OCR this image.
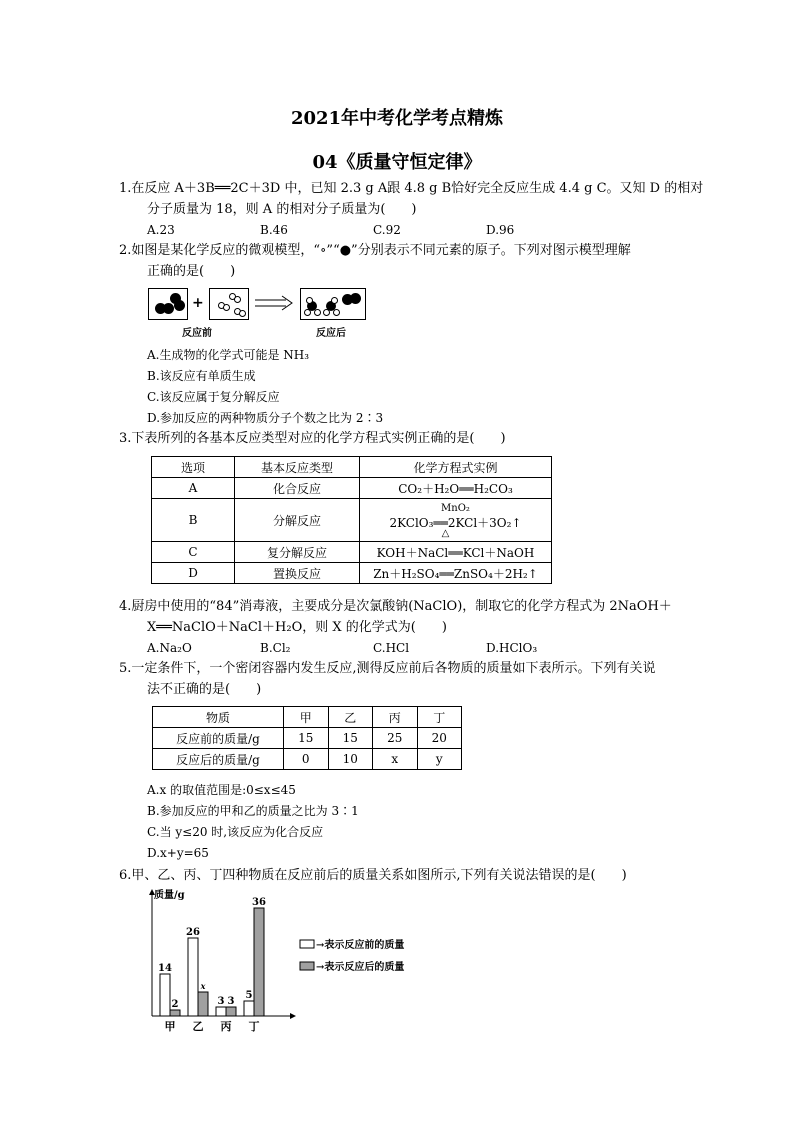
2021年中考化学考点精炼
04《质量守恒定律》
1.在反应 A＋3B══2C＋3D 中，已知 2.3 g A跟 4.8 g B恰好完全反应生成 4.4 g C。又知 D 的相对
分子质量为 18，则 A 的相对分子质量为(　　)
A.23	B.46	C.92	D.96
2.如图是某化学反应的微观模型，“∘”“●”分别表示不同元素的原子。下列对图示模型理解
正确的是(　　)
+
反应前	反应后
A.生成物的化学式可能是 NH₃
B.该反应有单质生成
C.该反应属于复分解反应
D.参加反应的两种物质分子个数之比为 2∶3
3.下表所列的各基本反应类型对应的化学方程式实例正确的是(　　)
选项	基本反应类型	化学方程式实例
A	化合反应	CO₂＋H₂O══H₂CO₃
B	分解反应	MnO₂
2KClO₃══2KCl＋3O₂↑
△

C	复分解反应	KOH＋NaCl══KCl＋NaOH
D	置换反应	Zn＋H₂SO₄══ZnSO₄＋2H₂↑
4.厨房中使用的“84”消毒液，主要成分是次氯酸钠(NaClO)，制取它的化学方程式为 2NaOH＋
X══NaClO＋NaCl＋H₂O，则 X 的化学式为(　　)
A.Na₂O	B.Cl₂	C.HCl	D.HClO₃
5.一定条件下，一个密闭容器内发生反应,测得反应前后各物质的质量如下表所示。下列有关说
法不正确的是(　　)
物质	甲	乙	丙	丁
反应前的质量/g	15	15	25	20
反应后的质量/g	0	10	x	y
A.x 的取值范围是:0≤x≤45
B.参加反应的甲和乙的质量之比为 3∶1
C.当 y≤20 时,该反应为化合反应
D.x+y=65
6.甲、乙、丙、丁四种物质在反应前后的质量关系如图所示,下列有关说法错误的是(　　)
质量/g
14
2
甲
26
x
乙
3 3
丙
5
36
丁
→表示反应前的质量
→表示反应后的质量
